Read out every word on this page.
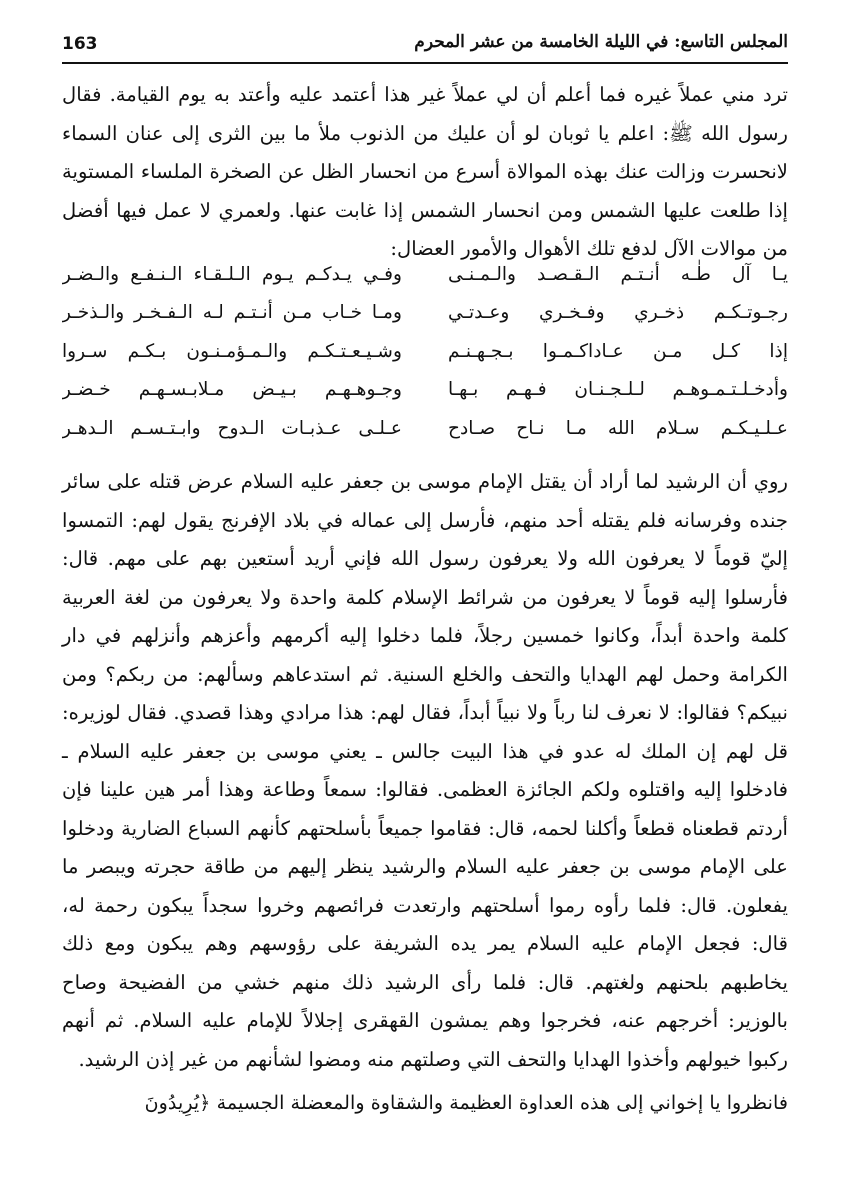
163	المجلس التاسع: في الليلة الخامسة من عشر المحرم

ترد مني عملاً غيره فما أعلم أن لي عملاً غير هذا أعتمد عليه وأعتد به يوم القيامة. فقال رسول الله ﷺ: اعلم يا ثوبان لو أن عليك من الذنوب ملأ ما بين الثرى إلى عنان السماء لانحسرت وزالت عنك بهذه الموالاة أسرع من انحسار الظل عن الصخرة الملساء المستوية إذا طلعت عليها الشمس ومن انحسار الشمس إذا غابت عنها. ولعمري لا عمل فيها أفضل من موالات الآل لدفع تلك الأهوال والأمور العضال:

يـا آل طٰـه أنـتـم الـقـصـد والـمـنـى
وفـي يـدكـم يـوم الـلـقـاء الـنـفـع والـضـر
رجـوتـكـم ذخـري وفـخـري وعـدتـي
ومـا خـاب مـن أنـتـم لـه الـفـخـر والـذخـر
إذا كـل مـن عـاداكـمـوا بـجـهـنـم
وشـيـعـتـكـم والـمـؤمـنـون بـكـم سـروا
وأدخـلـتـمـوهـم لـلـجـنـان فـهـم بـهـا
وجـوهـهـم بـيـض مـلابـسـهـم خـضـر
عـلـيـكـم سـلام الله مـا نـاح صـادح
عـلـى عـذبـات الـدوح وابـتـسـم الـدهـر

روي أن الرشيد لما أراد أن يقتل الإمام موسى بن جعفر عليه السلام عرض قتله على سائر جنده وفرسانه فلم يقتله أحد منهم، فأرسل إلى عماله في بلاد الإفرنج يقول لهم: التمسوا إليّ قوماً لا يعرفون الله ولا يعرفون رسول الله فإني أريد أستعين بهم على مهم. قال: فأرسلوا إليه قوماً لا يعرفون من شرائط الإسلام كلمة واحدة ولا يعرفون من لغة العربية كلمة واحدة أبداً، وكانوا خمسين رجلاً، فلما دخلوا إليه أكرمهم وأعزهم وأنزلهم في دار الكرامة وحمل لهم الهدايا والتحف والخلع السنية. ثم استدعاهم وسألهم: من ربكم؟ ومن نبيكم؟ فقالوا: لا نعرف لنا رباً ولا نبياً أبداً، فقال لهم: هذا مرادي وهذا قصدي. فقال لوزيره: قل لهم إن الملك له عدو في هذا البيت جالس ـ يعني موسى بن جعفر عليه السلام ـ فادخلوا إليه واقتلوه ولكم الجائزة العظمى. فقالوا: سمعاً وطاعة وهذا أمر هين علينا فإن أردتم قطعناه قطعاً وأكلنا لحمه، قال: فقاموا جميعاً بأسلحتهم كأنهم السباع الضارية ودخلوا على الإمام موسى بن جعفر عليه السلام والرشيد ينظر إليهم من طاقة حجرته ويبصر ما يفعلون. قال: فلما رأوه رموا أسلحتهم وارتعدت فرائصهم وخروا سجداً يبكون رحمة له، قال: فجعل الإمام عليه السلام يمر يده الشريفة على رؤوسهم وهم يبكون ومع ذلك يخاطبهم بلحنهم ولغتهم. قال: فلما رأى الرشيد ذلك منهم خشي من الفضيحة وصاح بالوزير: أخرجهم عنه، فخرجوا وهم يمشون القهقرى إجلالاً للإمام عليه السلام. ثم أنهم ركبوا خيولهم وأخذوا الهدايا والتحف التي وصلتهم منه ومضوا لشأنهم من غير إذن الرشيد.

فانظروا يا إخواني إلى هذه العداوة العظيمة والشقاوة والمعضلة الجسيمة ﴿يُرِيدُونَ
